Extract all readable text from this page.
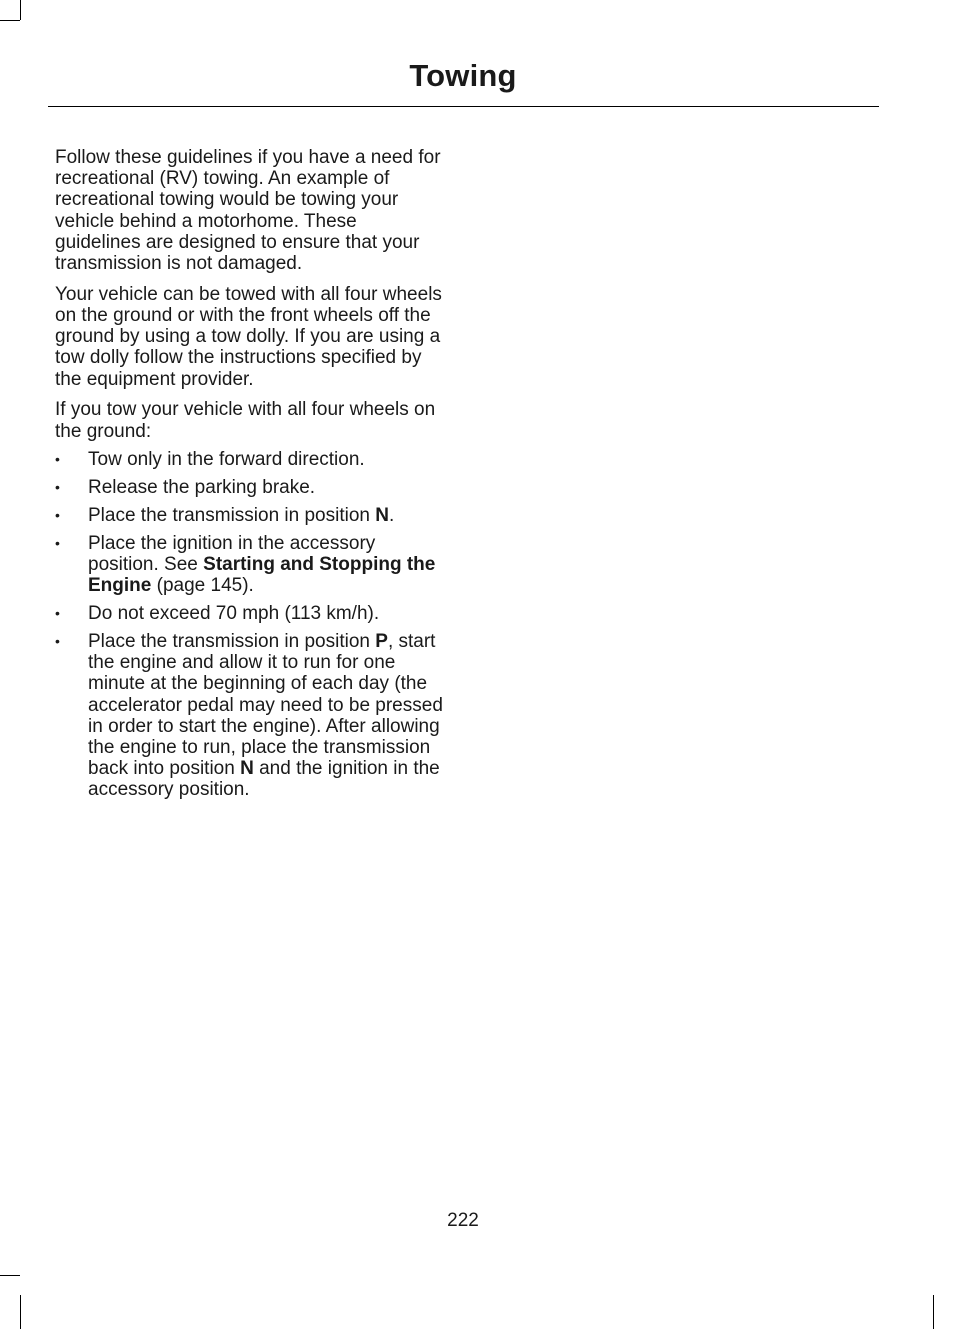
Towing

Follow these guidelines if you have a need for recreational (RV) towing. An example of recreational towing would be towing your vehicle behind a motorhome. These guidelines are designed to ensure that your transmission is not damaged.

Your vehicle can be towed with all four wheels on the ground or with the front wheels off the ground by using a tow dolly. If you are using a tow dolly follow the instructions specified by the equipment provider.

If you tow your vehicle with all four wheels on the ground:

• Tow only in the forward direction.
• Release the parking brake.
• Place the transmission in position N.
• Place the ignition in the accessory position. See Starting and Stopping the Engine (page 145).
• Do not exceed 70 mph (113 km/h).
• Place the transmission in position P, start the engine and allow it to run for one minute at the beginning of each day (the accelerator pedal may need to be pressed in order to start the engine). After allowing the engine to run, place the transmission back into position N and the ignition in the accessory position.
222
